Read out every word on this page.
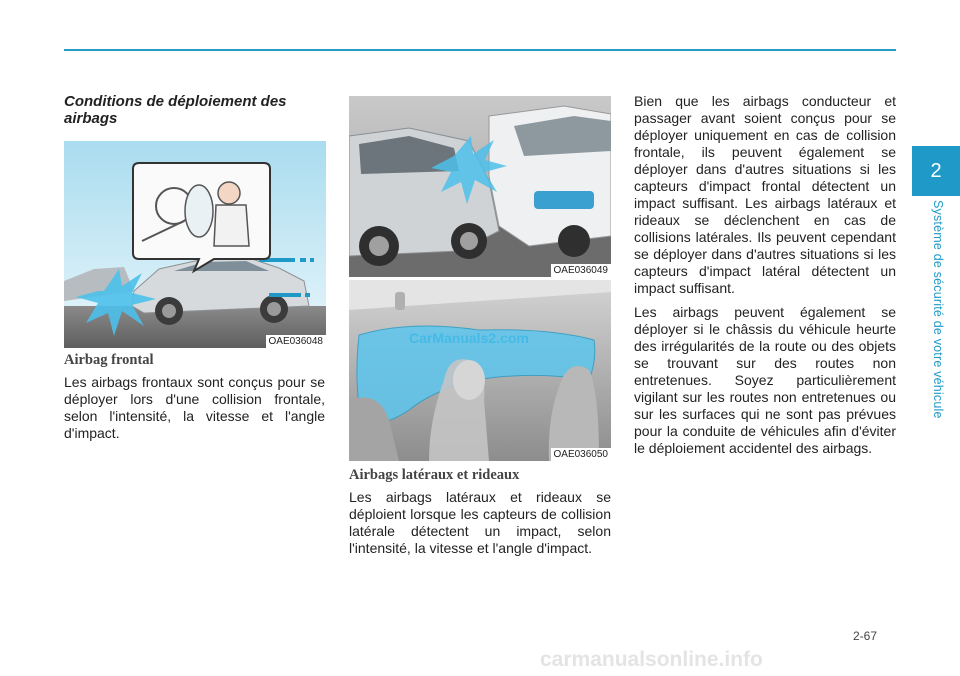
2
Système de sécurité de votre véhicule
Conditions de déploiement des airbags
OAE036048
Airbag frontal

Les airbags frontaux sont conçus pour se déployer lors d'une collision frontale, selon l'intensité, la vitesse et l'angle d'impact.

OAE036049
CarManuals2.com
OAE036050
Airbags latéraux et rideaux

Les airbags latéraux et rideaux se déploient lorsque les capteurs de collision latérale détectent un impact, selon l'intensité, la vitesse et l'angle d'impact.

Bien que les airbags conducteur et passager avant soient conçus pour se déployer uniquement en cas de collision frontale, ils peuvent également se déployer dans d'autres situations si les capteurs d'impact frontal détectent un impact suffisant. Les airbags latéraux et rideaux se déclenchent en cas de collisions latérales. Ils peuvent cependant se déployer dans d'autres situations si les capteurs d'impact latéral détectent un impact suffisant.

Les airbags peuvent également se déployer si le châssis du véhicule heurte des irrégularités de la route ou des objets se trouvant sur des routes non entretenues. Soyez particulièrement vigilant sur les routes non entretenues ou sur les surfaces qui ne sont pas prévues pour la conduite de véhicules afin d'éviter le déploiement accidentel des airbags.

2-67
carmanualsonline.info
